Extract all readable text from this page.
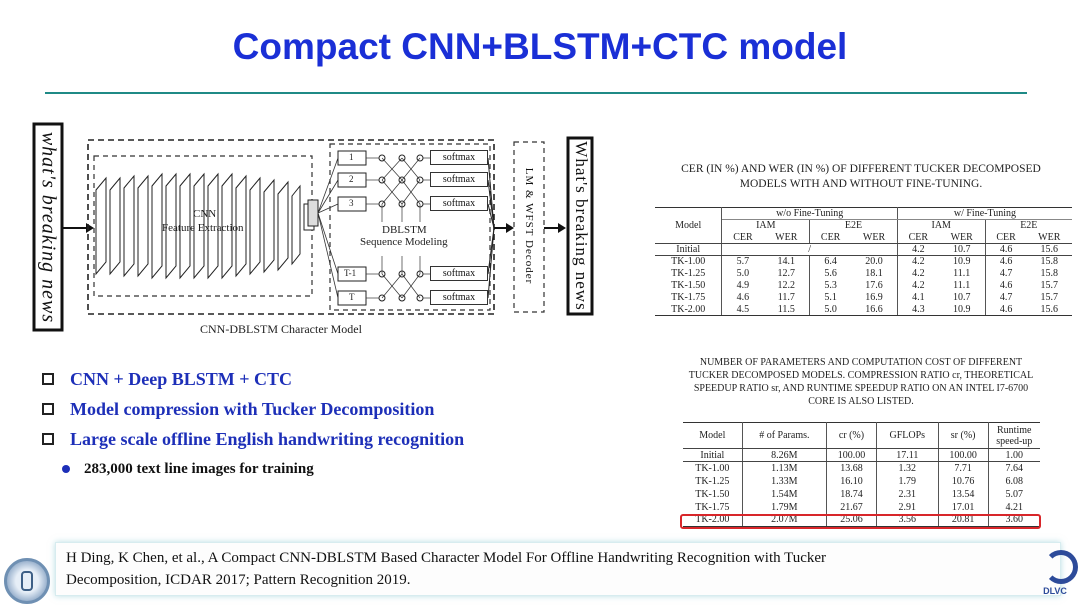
Compact CNN+BLSTM+CTC model
what's breaking news	What's breaking news
LM & WFST Decoder
CNN
Feature Extraction	DBLSTM
Sequence Modeling
CNN-DBLSTM Character Model
1
2
3
T-1
T
softmax
softmax
softmax
softmax
softmax
CNN + Deep BLSTM + CTC
Model compression with Tucker Decomposition
Large scale offline English handwriting recognition
283,000 text line images for training
CER (IN %) AND WER (IN %) OF DIFFERENT TUCKER DECOMPOSED
MODELS WITH AND WITHOUT FINE-TUNING.
Model	w/o Fine-Tuning				w/ Fine-Tuning			
	IAM		E2E		IAM		E2E	
	CER	WER	CER	WER	CER	WER	CER	WER
Initial	/				4.2	10.7	4.6	15.6
TK-1.00	5.7	14.1	6.4	20.0	4.2	10.9	4.6	15.8
TK-1.25	5.0	12.7	5.6	18.1	4.2	11.1	4.7	15.8
TK-1.50	4.9	12.2	5.3	17.6	4.2	11.1	4.6	15.7
TK-1.75	4.6	11.7	5.1	16.9	4.1	10.7	4.7	15.7
TK-2.00	4.5	11.5	5.0	16.6	4.3	10.9	4.6	15.6
NUMBER OF PARAMETERS AND COMPUTATION COST OF DIFFERENT
TUCKER DECOMPOSED MODELS. COMPRESSION RATIO cr, THEORETICAL
SPEEDUP RATIO sr, AND RUNTIME SPEEDUP RATIO ON AN INTEL I7-6700
CORE IS ALSO LISTED.
Model	# of Params.	cr (%)	GFLOPs	sr (%)	Runtime speed-up
Initial	8.26M	100.00	17.11	100.00	1.00
TK-1.00	1.13M	13.68	1.32	7.71	7.64
TK-1.25	1.33M	16.10	1.79	10.76	6.08
TK-1.50	1.54M	18.74	2.31	13.54	5.07
TK-1.75	1.79M	21.67	2.91	17.01	4.21
TK-2.00	2.07M	25.06	3.56	20.81	3.60
H Ding, K Chen, et al., A Compact CNN-DBLSTM Based Character Model For Offline Handwriting Recognition with Tucker
Decomposition, ICDAR 2017; Pattern Recognition 2019.
DLVC
